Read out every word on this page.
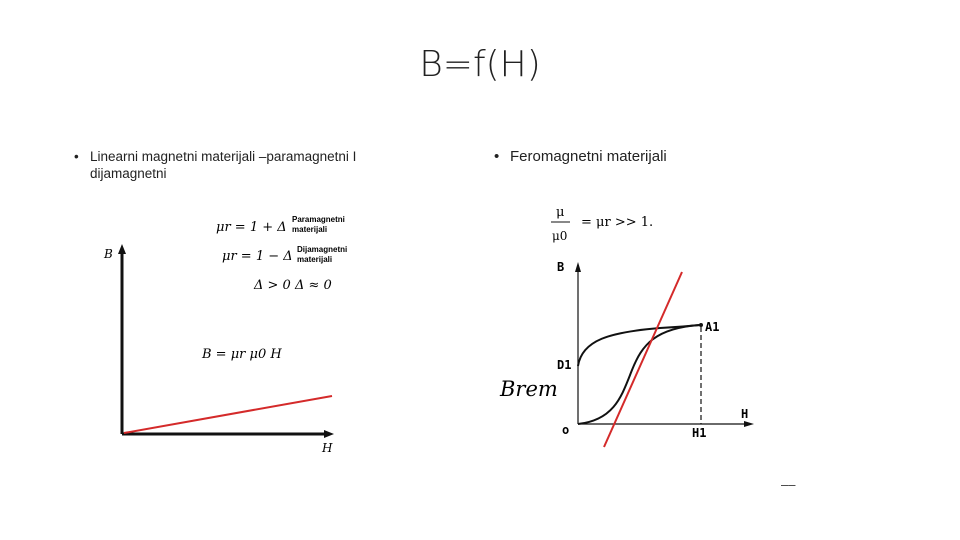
B=f(H)
• Linearni magnetni materijali –paramagnetni I dijamagnetni
• Feromagnetni materijali
μr = 1 + Δ
Paramagnetni
materijali
μr = 1 − Δ Dijamagnetni
materijali
Δ > 0 Δ ≈ 0
B = μr μ0 H
B
H
μ
μ0
= μr >> 1.
B
H
A1
D1
o	H1
Brem
——
